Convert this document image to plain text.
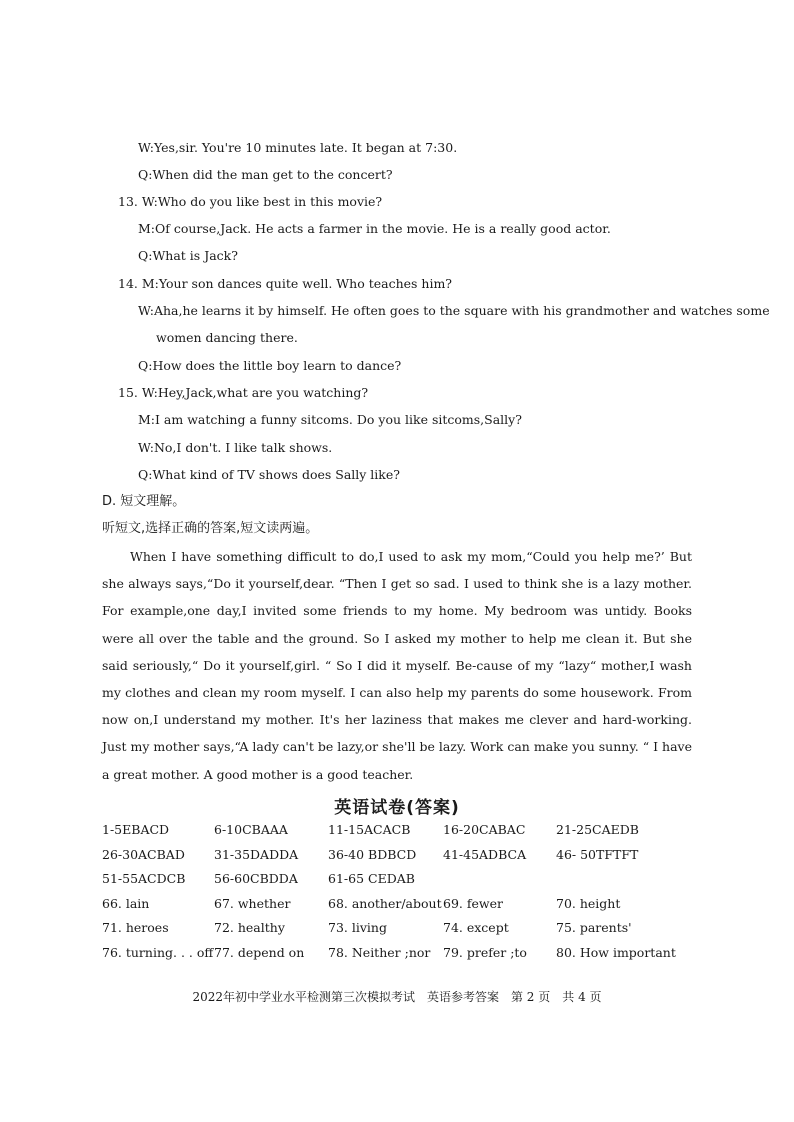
W:Yes,sir. You're 10 minutes late. It began at 7:30.
Q:When did the man get to the concert?
13. W:Who do you like best in this movie?
M:Of course,Jack. He acts a farmer in the movie. He is a really good actor.
Q:What is Jack?
14. M:Your son dances quite well. Who teaches him?
W:Aha,he learns it by himself. He often goes to the square with his grandmother and watches some
women dancing there.
Q:How does the little boy learn to dance?
15. W:Hey,Jack,what are you watching?
M:I am watching a funny sitcoms. Do you like sitcoms,Sally?
W:No,I don't. I like talk shows.
Q:What kind of TV shows does Sally like?
D. 短文理解。
听短文,选择正确的答案,短文读两遍。
When I have something difficult to do,I used to ask my mom,“Could you help me?’ But she always says,“Do it yourself,dear. “Then I get so sad. I used to think she is a lazy mother. For example,one day,I invited some friends to my home. My bedroom was untidy. Books were all over the table and the ground. So I asked my mother to help me clean it. But she said seriously,“ Do it yourself,girl. “ So I did it myself. Be-cause of my “lazy“ mother,I wash my clothes and clean my room myself. I can also help my parents do some housework. From now on,I understand my mother. It's her laziness that makes me clever and hard-working. Just my mother says,“A lady can't be lazy,or she'll be lazy. Work can make you sunny. “ I have a great mother. A good mother is a good teacher.
英语试卷(答案)
1-5EBACD	6-10CBAAA	11-15ACACB	16-20CABAC 21-25CAEDB
26-30ACBAD 31-35DADDA 36-40 BDBCD 41-45ADBCA 46- 50TFTFT
51-55ACDCB 56-60CBDDA 61-65 CEDAB
66. lain	67. whether	68. another/about 69. fewer	70. height
71. heroes	72. healthy	73. living	74. except	75. parents'
76. turning. . . off 77. depend on 78. Neither ;nor 79. prefer ;to 80. How important
2022年初中学业水平检测第三次模拟考试　英语参考答案　第 2 页　共 4 页
